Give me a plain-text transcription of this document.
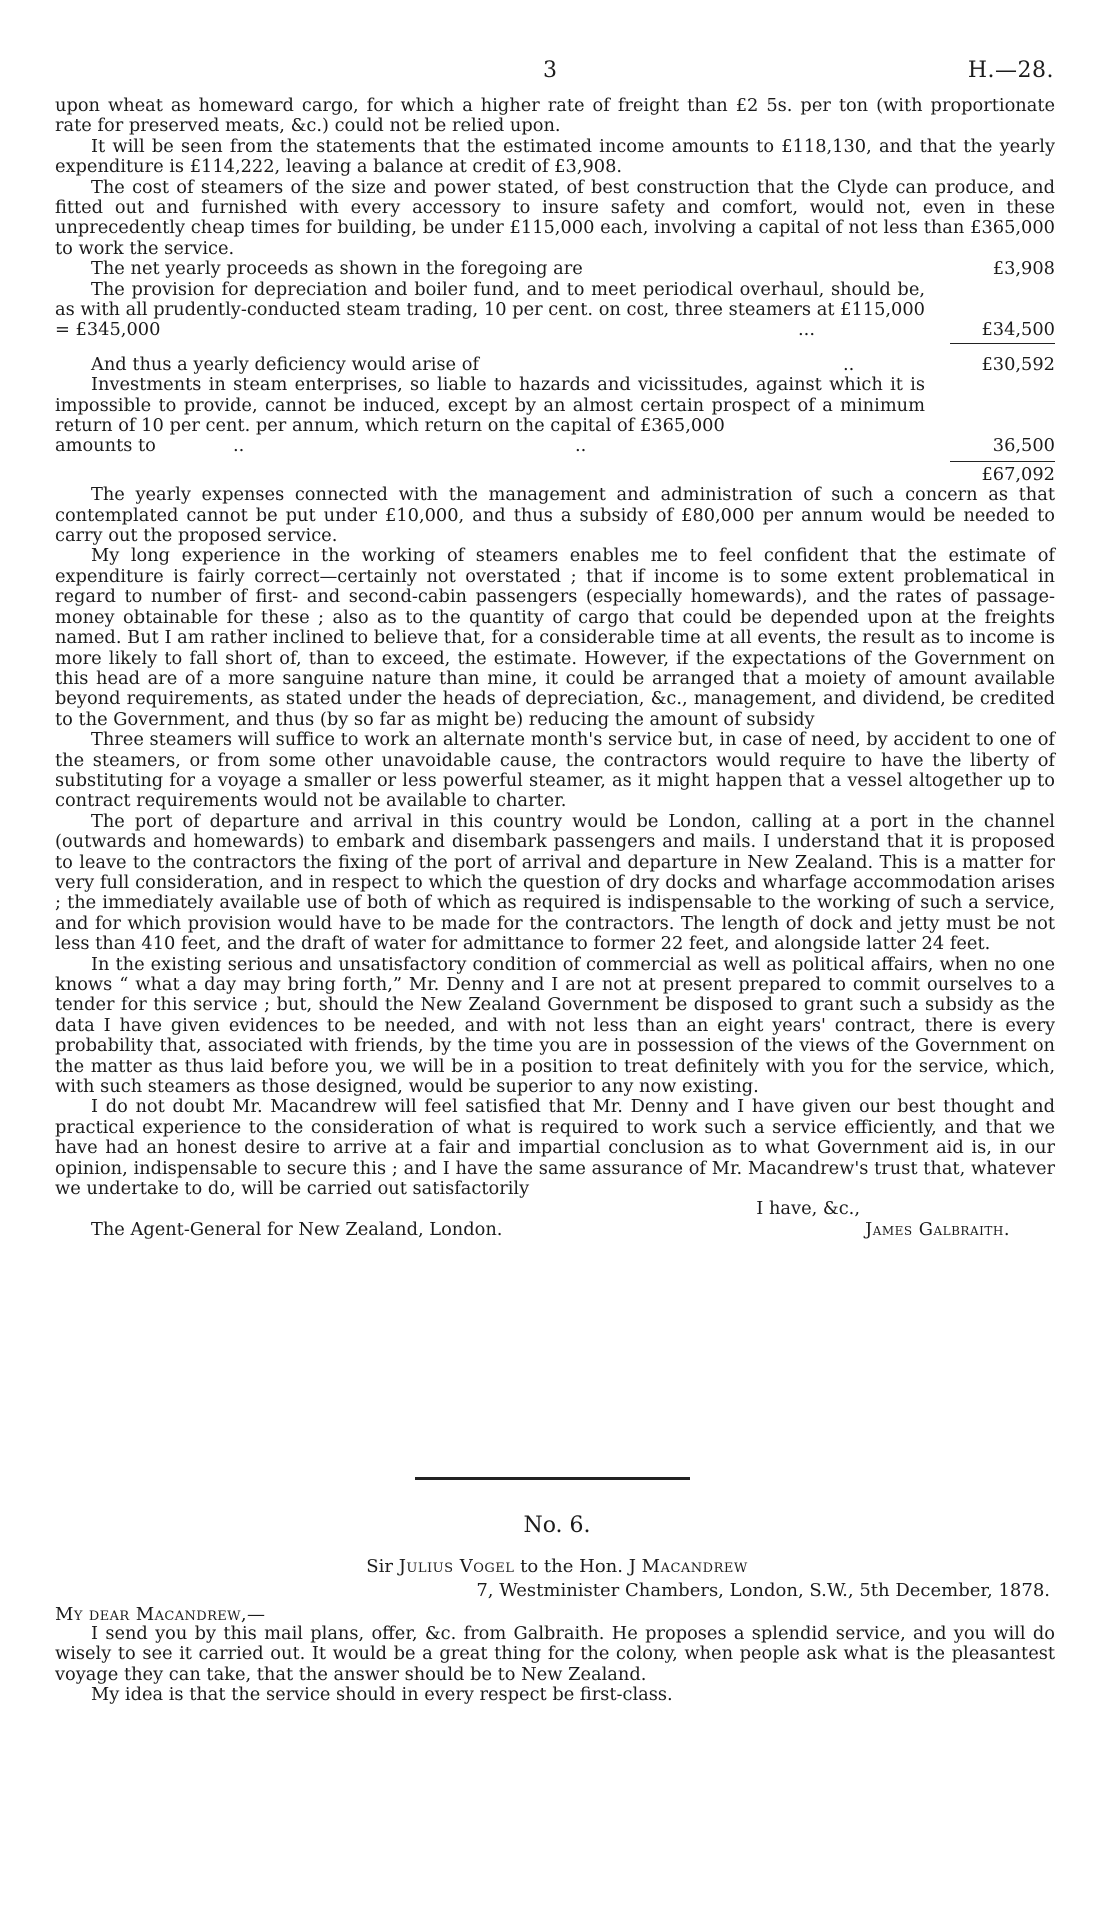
3	H.—28.

upon wheat as homeward cargo, for which a higher rate of freight than £2 5s. per ton (with proportionate rate for preserved meats, &c.) could not be relied upon.

It will be seen from the statements that the estimated income amounts to £118,130, and that the yearly expenditure is £114,222, leaving a balance at credit of £3,908.

The cost of steamers of the size and power stated, of best construction that the Clyde can produce, and fitted out and furnished with every accessory to insure safety and comfort, would not, even in these unprecedently cheap times for building, be under £115,000 each, involving a capital of not less than £365,000 to work the service.

The net yearly proceeds as shown in the foregoing are	£3,908

The provision for depreciation and boiler fund, and to meet periodical overhaul, should be, as with all prudently-conducted steam trading, 10 per cent. on cost, three steamers at £115,000 = £345,000	...	£34,500
And thus a yearly deficiency would arise of	..	£30,592

Investments in steam enterprises, so liable to hazards and vicissitudes, against which it is impossible to provide, cannot be induced, except by an almost certain prospect of a minimum return of 10 per cent. per annum, which return on the capital of £365,000

amounts to	..	..	36,500
£67,092

The yearly expenses connected with the management and administration of such a concern as that contemplated cannot be put under £10,000, and thus a subsidy of £80,000 per annum would be needed to carry out the proposed service.

My long experience in the working of steamers enables me to feel confident that the estimate of expenditure is fairly correct—certainly not overstated ; that if income is to some extent problematical in regard to number of first- and second-cabin passengers (especially homewards), and the rates of passage-money obtainable for these ; also as to the quantity of cargo that could be depended upon at the freights named. But I am rather inclined to believe that, for a considerable time at all events, the result as to income is more likely to fall short of, than to exceed, the estimate. However, if the expectations of the Government on this head are of a more sanguine nature than mine, it could be arranged that a moiety of amount available beyond requirements, as stated under the heads of depreciation, &c., management, and dividend, be credited to the Government, and thus (by so far as might be) reducing the amount of subsidy

Three steamers will suffice to work an alternate month's service but, in case of need, by accident to one of the steamers, or from some other unavoidable cause, the contractors would require to have the liberty of substituting for a voyage a smaller or less powerful steamer, as it might happen that a vessel altogether up to contract requirements would not be available to charter.

The port of departure and arrival in this country would be London, calling at a port in the channel (outwards and homewards) to embark and disembark passengers and mails. I understand that it is proposed to leave to the contractors the fixing of the port of arrival and departure in New Zealand. This is a matter for very full consideration, and in respect to which the question of dry docks and wharfage accommodation arises ; the immediately available use of both of which as required is indispensable to the working of such a service, and for which provision would have to be made for the contractors. The length of dock and jetty must be not less than 410 feet, and the draft of water for admittance to former 22 feet, and alongside latter 24 feet.

In the existing serious and unsatisfactory condition of commercial as well as political affairs, when no one knows “ what a day may bring forth,” Mr. Denny and I are not at present prepared to commit ourselves to a tender for this service ; but, should the New Zealand Government be disposed to grant such a subsidy as the data I have given evidences to be needed, and with not less than an eight years' contract, there is every probability that, associated with friends, by the time you are in possession of the views of the Government on the matter as thus laid before you, we will be in a position to treat definitely with you for the service, which, with such steamers as those designed, would be superior to any now existing.

I do not doubt Mr. Macandrew will feel satisfied that Mr. Denny and I have given our best thought and practical experience to the consideration of what is required to work such a service efficiently, and that we have had an honest desire to arrive at a fair and impartial conclusion as to what Government aid is, in our opinion, indispensable to secure this ; and I have the same assurance of Mr. Macandrew's trust that, whatever we undertake to do, will be carried out satisfactorily

I have, &c.,
The Agent-General for New Zealand, London.	James Galbraith.
No. 6.
Sir Julius Vogel to the Hon. J Macandrew
7, Westminister Chambers, London, S.W., 5th December, 1878.
My dear Macandrew,—

I send you by this mail plans, offer, &c. from Galbraith. He proposes a splendid service, and you will do wisely to see it carried out. It would be a great thing for the colony, when people ask what is the pleasantest voyage they can take, that the answer should be to New Zealand.

My idea is that the service should in every respect be first-class.
